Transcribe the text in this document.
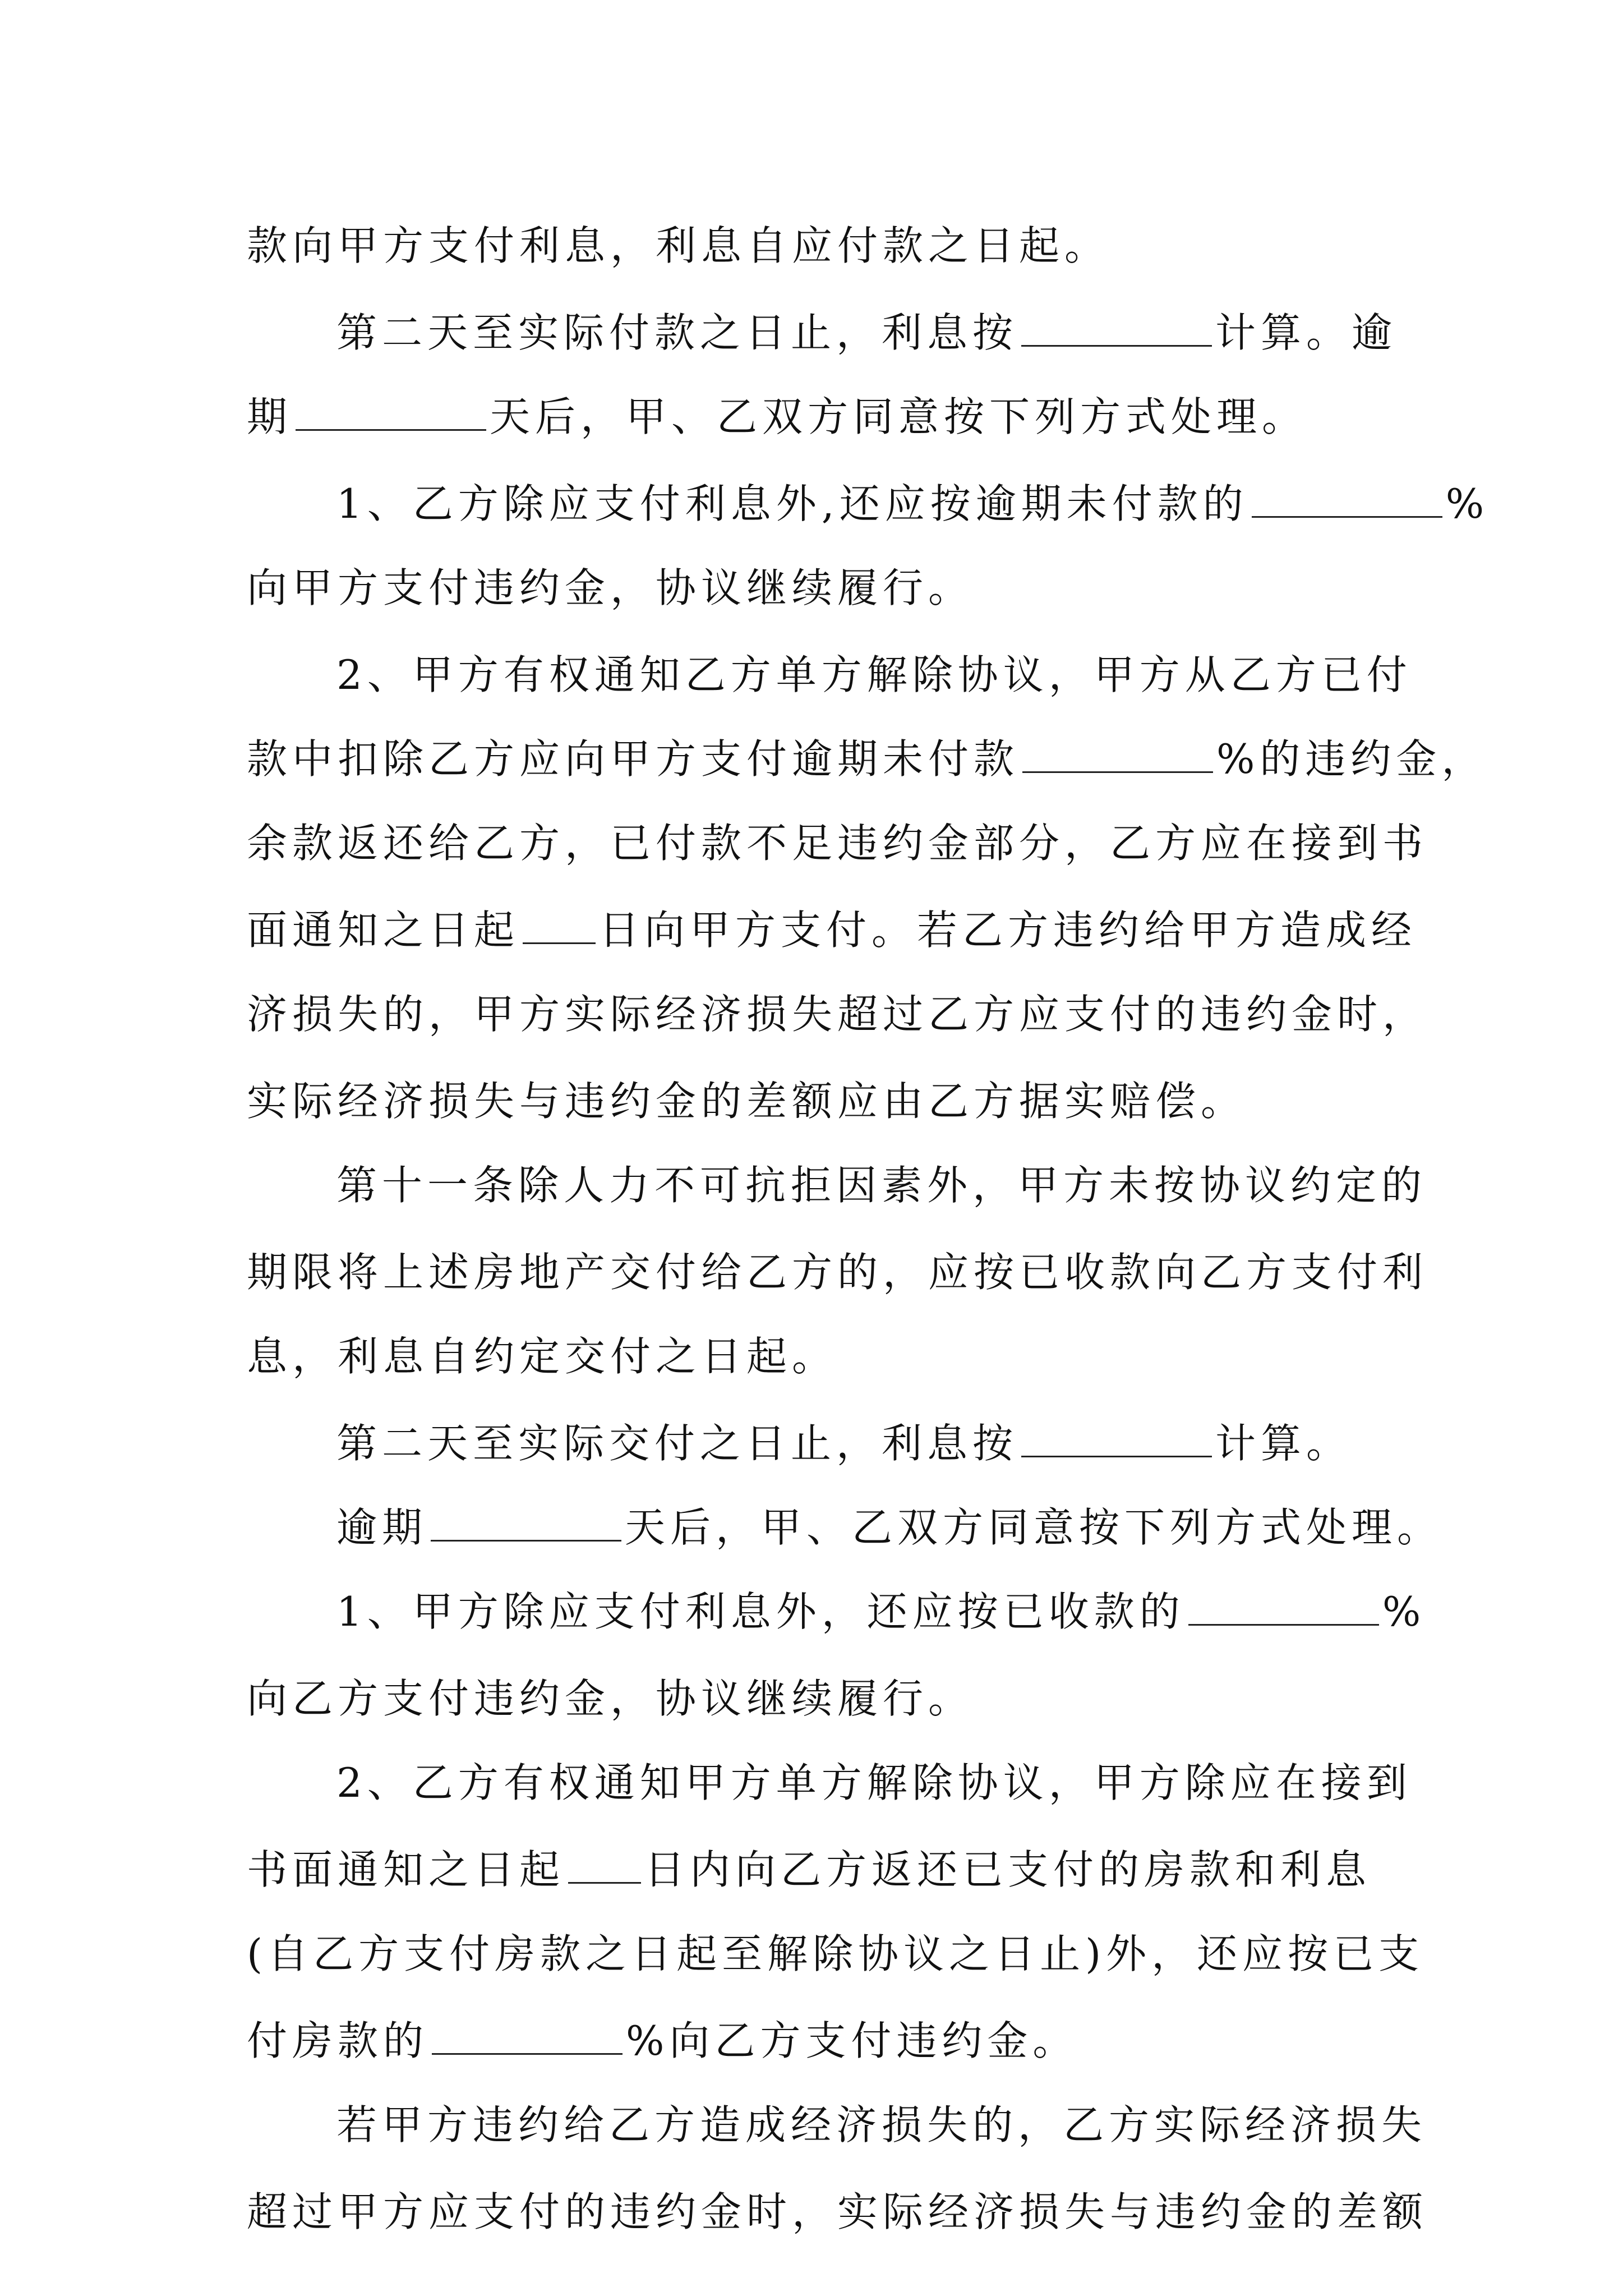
款向甲方支付利息，利息自应付款之日起。
第二天至实际付款之日止，利息按	计算。逾
期	天后，甲、乙双方同意按下列方式处理。
1、乙方除应支付利息外,还应按逾期未付款的	%
向甲方支付违约金，协议继续履行。
2、甲方有权通知乙方单方解除协议，甲方从乙方已付
款中扣除乙方应向甲方支付逾期未付款	%的违约金，
余款返还给乙方，已付款不足违约金部分，乙方应在接到书
面通知之日起 日向甲方支付。若乙方违约给甲方造成经
济损失的，甲方实际经济损失超过乙方应支付的违约金时，
实际经济损失与违约金的差额应由乙方据实赔偿。
第十一条除人力不可抗拒因素外，甲方未按协议约定的
期限将上述房地产交付给乙方的，应按已收款向乙方支付利
息，利息自约定交付之日起。
第二天至实际交付之日止，利息按	计算。
逾期	天后，甲、乙双方同意按下列方式处理。
1、甲方除应支付利息外，还应按已收款的	%
向乙方支付违约金，协议继续履行。
2、乙方有权通知甲方单方解除协议，甲方除应在接到
书面通知之日起 日内向乙方返还已支付的房款和利息
(自乙方支付房款之日起至解除协议之日止)外，还应按已支
付房款的	%向乙方支付违约金。
若甲方违约给乙方造成经济损失的，乙方实际经济损失
超过甲方应支付的违约金时，实际经济损失与违约金的差额
